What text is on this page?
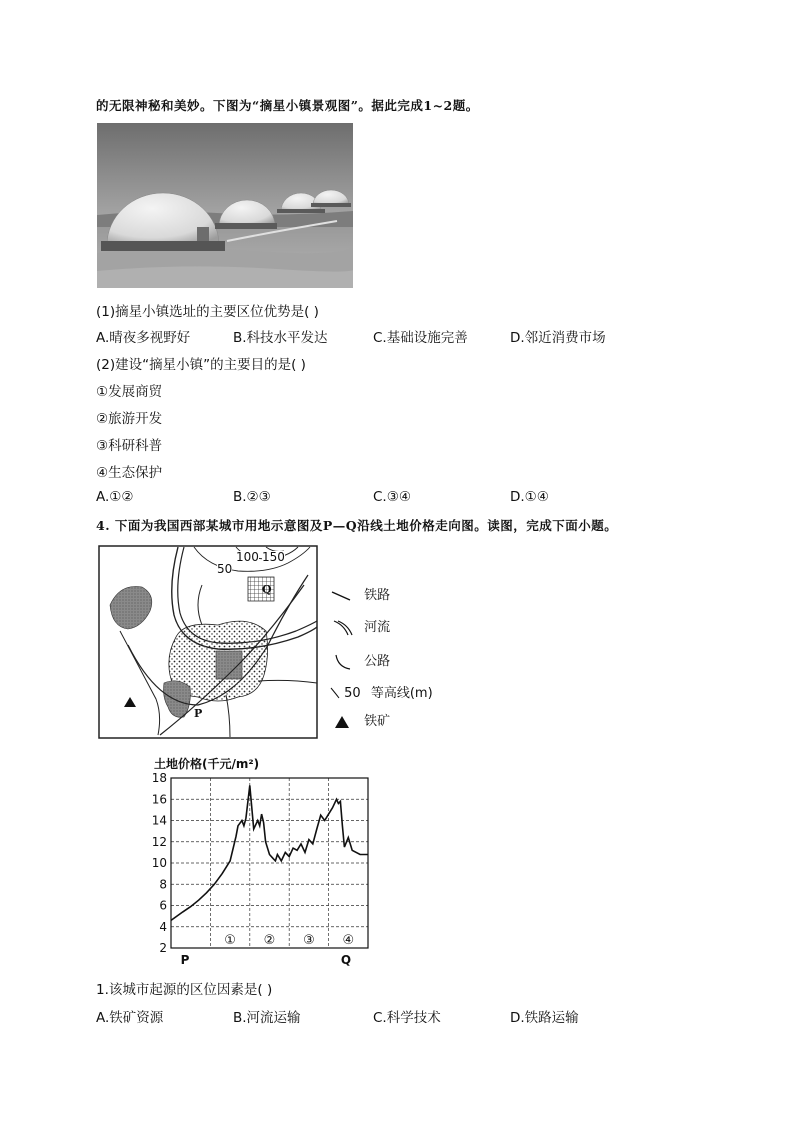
的无限神秘和美妙。下图为“摘星小镇景观图”。据此完成1~2题。
(1)摘星小镇选址的主要区位优势是( )
A.晴夜多视野好	B.科技水平发达	C.基础设施完善	D.邻近消费市场
(2)建设“摘星小镇”的主要目的是( )
①发展商贸
②旅游开发
③科研科普
④生态保护
A.①②	B.②③	C.③④	D.①④
4. 下面为我国西部某城市用地示意图及P—Q沿线土地价格走向图。读图，完成下面小题。
50
100 150
Q
P
铁路
河流
公路
50 等高线(m)
铁矿
土地价格(千元/m²)
18
16
14
12
10
8
6
4
2	① ② ③ ④
P	Q
1.该城市起源的区位因素是( )
A.铁矿资源	B.河流运输	C.科学技术	D.铁路运输
